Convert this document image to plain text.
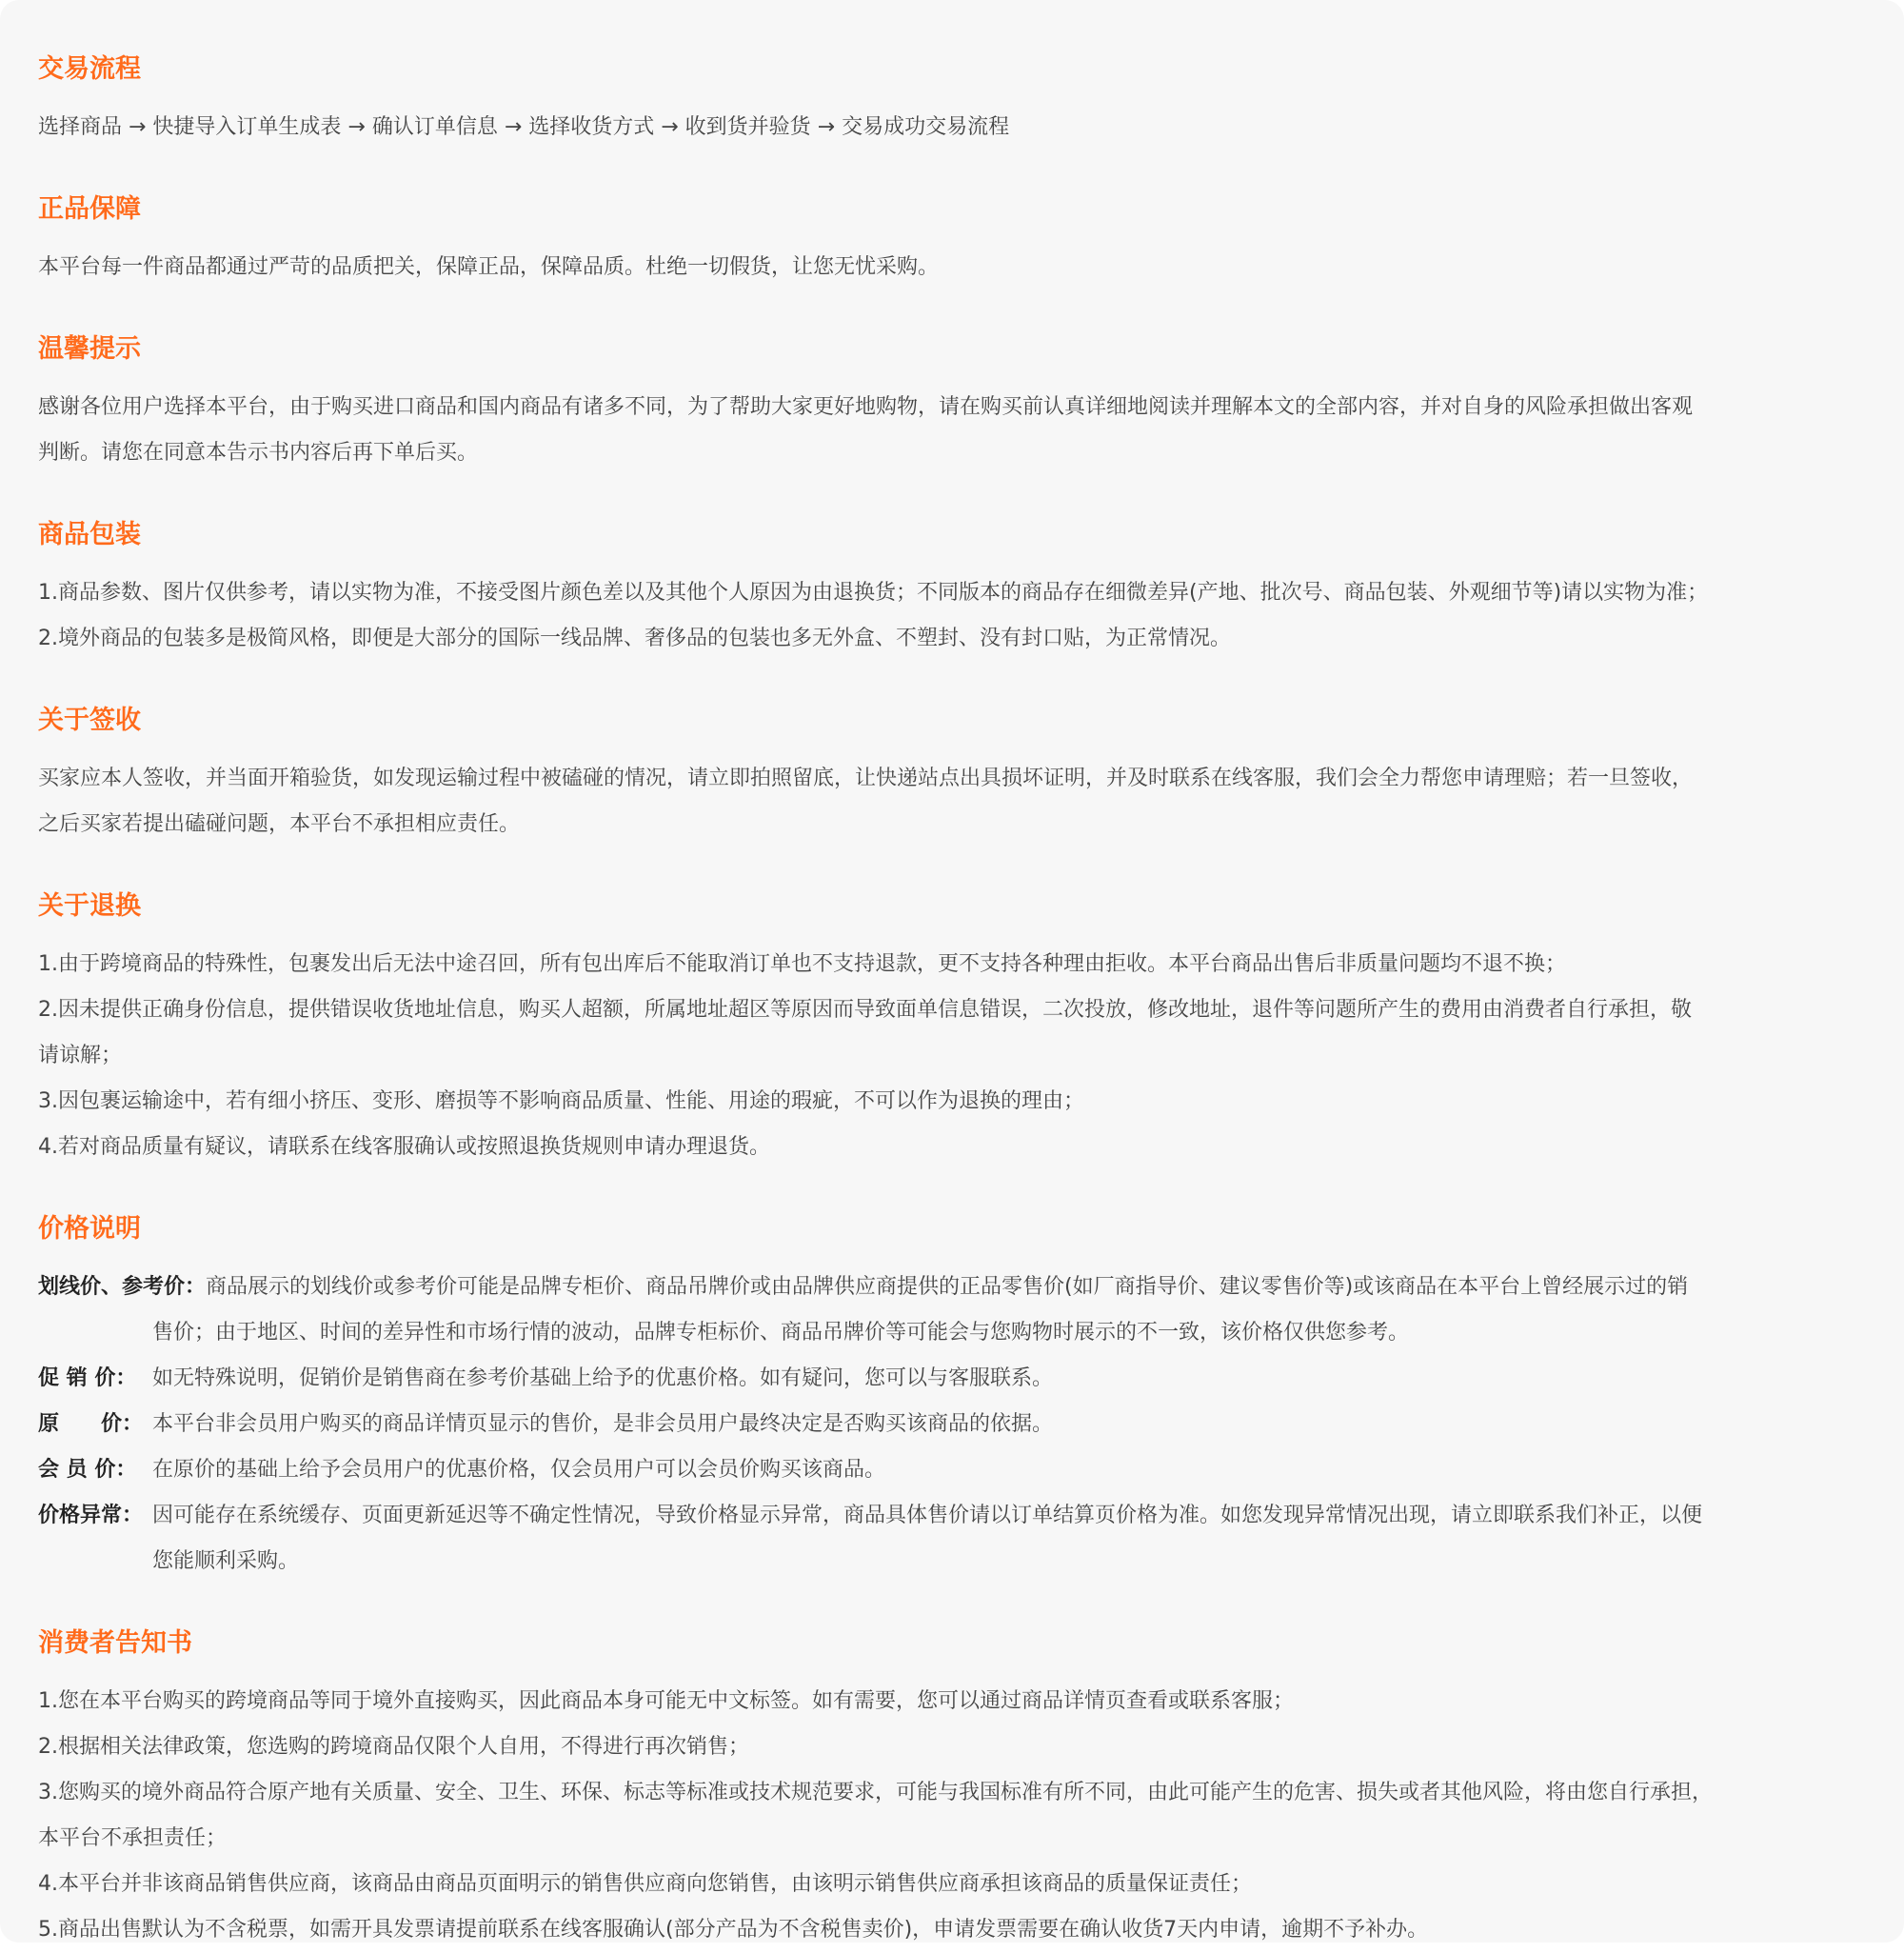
交易流程

选择商品 → 快捷导入订单生成表 → 确认订单信息 → 选择收货方式 → 收到货并验货 → 交易成功交易流程

正品保障

本平台每一件商品都通过严苛的品质把关，保障正品，保障品质。杜绝一切假货，让您无忧采购。

温馨提示

感谢各位用户选择本平台，由于购买进口商品和国内商品有诸多不同，为了帮助大家更好地购物，请在购买前认真详细地阅读并理解本文的全部内容，并对自身的风险承担做出客观

判断。请您在同意本告示书内容后再下单后买。

商品包装

1.商品参数、图片仅供参考，请以实物为准，不接受图片颜色差以及其他个人原因为由退换货；不同版本的商品存在细微差异(产地、批次号、商品包装、外观细节等)请以实物为准；

2.境外商品的包装多是极简风格，即便是大部分的国际一线品牌、奢侈品的包装也多无外盒、不塑封、没有封口贴，为正常情况。

关于签收

买家应本人签收，并当面开箱验货，如发现运输过程中被磕碰的情况，请立即拍照留底，让快递站点出具损坏证明，并及时联系在线客服，我们会全力帮您申请理赔；若一旦签收，

之后买家若提出磕碰问题，本平台不承担相应责任。

关于退换

1.由于跨境商品的特殊性，包裹发出后无法中途召回，所有包出库后不能取消订单也不支持退款，更不支持各种理由拒收。本平台商品出售后非质量问题均不退不换；

2.因未提供正确身份信息，提供错误收货地址信息，购买人超额，所属地址超区等原因而导致面单信息错误，二次投放，修改地址，退件等问题所产生的费用由消费者自行承担，敬

请谅解；

3.因包裹运输途中，若有细小挤压、变形、磨损等不影响商品质量、性能、用途的瑕疵，不可以作为退换的理由；

4.若对商品质量有疑议，请联系在线客服确认或按照退换货规则申请办理退货。

价格说明
划线价、参考价：商品展示的划线价或参考价可能是品牌专柜价、商品吊牌价或由品牌供应商提供的正品零售价(如厂商指导价、建议零售价等)或该商品在本平台上曾经展示过的销
售价；由于地区、时间的差异性和市场行情的波动，品牌专柜标价、商品吊牌价等可能会与您购物时展示的不一致，该价格仅供您参考。
促 销 价： 如无特殊说明，促销价是销售商在参考价基础上给予的优惠价格。如有疑问，您可以与客服联系。
原　　价： 本平台非会员用户购买的商品详情页显示的售价，是非会员用户最终决定是否购买该商品的依据。
会 员 价： 在原价的基础上给予会员用户的优惠价格，仅会员用户可以会员价购买该商品。
价格异常： 因可能存在系统缓存、页面更新延迟等不确定性情况，导致价格显示异常，商品具体售价请以订单结算页价格为准。如您发现异常情况出现，请立即联系我们补正，以便
您能顺利采购。
消费者告知书

1.您在本平台购买的跨境商品等同于境外直接购买，因此商品本身可能无中文标签。如有需要，您可以通过商品详情页查看或联系客服；

2.根据相关法律政策，您选购的跨境商品仅限个人自用，不得进行再次销售；

3.您购买的境外商品符合原产地有关质量、安全、卫生、环保、标志等标准或技术规范要求，可能与我国标准有所不同，由此可能产生的危害、损失或者其他风险，将由您自行承担，

本平台不承担责任；

4.本平台并非该商品销售供应商，该商品由商品页面明示的销售供应商向您销售，由该明示销售供应商承担该商品的质量保证责任；

5.商品出售默认为不含税票，如需开具发票请提前联系在线客服确认(部分产品为不含税售卖价)，申请发票需要在确认收货7天内申请，逾期不予补办。
